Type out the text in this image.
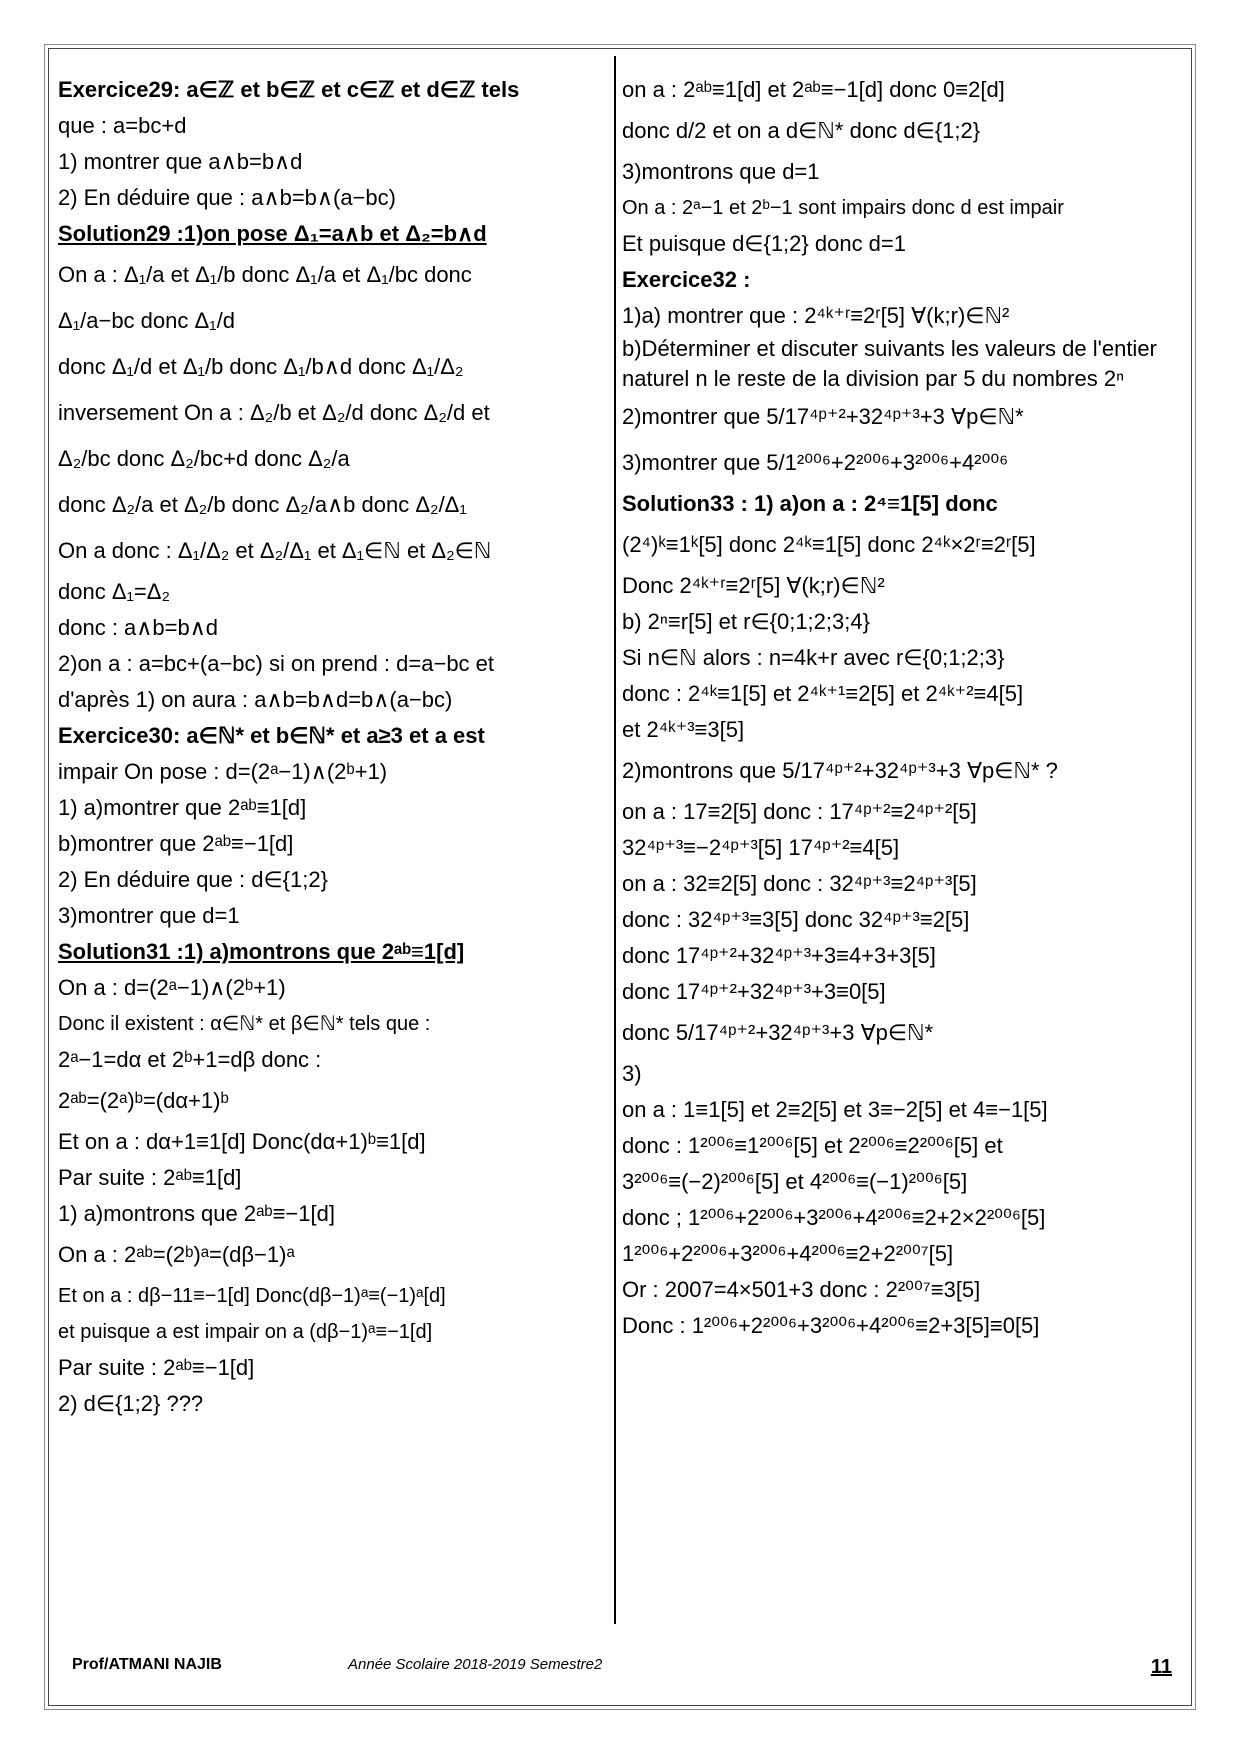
Exercice29: a∈ℤ et b∈ℤ et c∈ℤ et d∈ℤ tels
que : a=bc+d
1) montrer que a∧b=b∧d
2) En déduire que : a∧b=b∧(a−bc)
Solution29 :1)on pose Δ₁=a∧b et Δ₂=b∧d
On a : Δ₁/a et Δ₁/b donc Δ₁/a et Δ₁/bc donc
Δ₁/a−bc donc Δ₁/d
donc Δ₁/d et Δ₁/b donc Δ₁/b∧d donc Δ₁/Δ₂
inversement On a : Δ₂/b et Δ₂/d donc Δ₂/d et
Δ₂/bc donc Δ₂/bc+d donc Δ₂/a
donc Δ₂/a et Δ₂/b donc Δ₂/a∧b donc Δ₂/Δ₁
On a donc : Δ₁/Δ₂ et Δ₂/Δ₁ et Δ₁∈ℕ et Δ₂∈ℕ
donc Δ₁=Δ₂
donc : a∧b=b∧d
2)on a : a=bc+(a−bc) si on prend : d=a−bc et
d'après 1) on aura : a∧b=b∧d=b∧(a−bc)
Exercice30: a∈ℕ* et b∈ℕ* et a≥3 et a est
impair On pose : d=(2ᵃ−1)∧(2ᵇ+1)
1) a)montrer que 2ᵃᵇ≡1[d]
b)montrer que 2ᵃᵇ≡−1[d]
2) En déduire que : d∈{1;2}
3)montrer que d=1
Solution31 :1) a)montrons que 2ᵃᵇ≡1[d]
On a : d=(2ᵃ−1)∧(2ᵇ+1)
Donc il existent : α∈ℕ* et β∈ℕ* tels que :
2ᵃ−1=dα et 2ᵇ+1=dβ donc :
2ᵃᵇ=(2ᵃ)ᵇ=(dα+1)ᵇ
Et on a : dα+1≡1[d] Donc(dα+1)ᵇ≡1[d]
Par suite : 2ᵃᵇ≡1[d]
1) a)montrons que 2ᵃᵇ≡−1[d]
On a : 2ᵃᵇ=(2ᵇ)ᵃ=(dβ−1)ᵃ
Et on a : dβ−11≡−1[d] Donc(dβ−1)ᵃ≡(−1)ᵃ[d]
et puisque a est impair on a (dβ−1)ᵃ≡−1[d]
Par suite : 2ᵃᵇ≡−1[d]
2) d∈{1;2} ???
on a : 2ᵃᵇ≡1[d] et 2ᵃᵇ≡−1[d] donc 0≡2[d]
donc d/2 et on a d∈ℕ* donc d∈{1;2}
3)montrons que d=1
On a : 2ᵃ−1 et 2ᵇ−1 sont impairs donc d est impair
Et puisque d∈{1;2} donc d=1
Exercice32 :
1)a) montrer que : 2⁴ᵏ⁺ʳ≡2ʳ[5] ∀(k;r)∈ℕ²
b)Déterminer et discuter suivants les valeurs de l'entier naturel n le reste de la division par 5 du nombres 2ⁿ
2)montrer que 5/17⁴ᵖ⁺²+32⁴ᵖ⁺³+3 ∀p∈ℕ*
3)montrer que 5/1²⁰⁰⁶+2²⁰⁰⁶+3²⁰⁰⁶+4²⁰⁰⁶
Solution33 : 1) a)on a : 2⁴≡1[5] donc
(2⁴)ᵏ≡1ᵏ[5] donc 2⁴ᵏ≡1[5] donc 2⁴ᵏ×2ʳ≡2ʳ[5]
Donc 2⁴ᵏ⁺ʳ≡2ʳ[5] ∀(k;r)∈ℕ²
b) 2ⁿ≡r[5] et r∈{0;1;2;3;4}
Si n∈ℕ alors : n=4k+r avec r∈{0;1;2;3}
donc : 2⁴ᵏ≡1[5] et 2⁴ᵏ⁺¹≡2[5] et 2⁴ᵏ⁺²≡4[5]
et 2⁴ᵏ⁺³≡3[5]
2)montrons que 5/17⁴ᵖ⁺²+32⁴ᵖ⁺³+3 ∀p∈ℕ* ?
on a : 17≡2[5] donc : 17⁴ᵖ⁺²≡2⁴ᵖ⁺²[5]
32⁴ᵖ⁺³≡−2⁴ᵖ⁺³[5] 17⁴ᵖ⁺²≡4[5]
on a : 32≡2[5] donc : 32⁴ᵖ⁺³≡2⁴ᵖ⁺³[5]
donc : 32⁴ᵖ⁺³≡3[5] donc 32⁴ᵖ⁺³≡2[5]
donc 17⁴ᵖ⁺²+32⁴ᵖ⁺³+3≡4+3+3[5]
donc 17⁴ᵖ⁺²+32⁴ᵖ⁺³+3≡0[5]
donc 5/17⁴ᵖ⁺²+32⁴ᵖ⁺³+3 ∀p∈ℕ*
3)
on a : 1≡1[5] et 2≡2[5] et 3≡−2[5] et 4≡−1[5]
donc : 1²⁰⁰⁶≡1²⁰⁰⁶[5] et 2²⁰⁰⁶≡2²⁰⁰⁶[5] et
3²⁰⁰⁶≡(−2)²⁰⁰⁶[5] et 4²⁰⁰⁶≡(−1)²⁰⁰⁶[5]
donc ; 1²⁰⁰⁶+2²⁰⁰⁶+3²⁰⁰⁶+4²⁰⁰⁶≡2+2×2²⁰⁰⁶[5]
1²⁰⁰⁶+2²⁰⁰⁶+3²⁰⁰⁶+4²⁰⁰⁶≡2+2²⁰⁰⁷[5]
Or : 2007=4×501+3 donc : 2²⁰⁰⁷≡3[5]
Donc : 1²⁰⁰⁶+2²⁰⁰⁶+3²⁰⁰⁶+4²⁰⁰⁶≡2+3[5]≡0[5]
Prof/ATMANI NAJIB	Année Scolaire 2018-2019 Semestre2	11
